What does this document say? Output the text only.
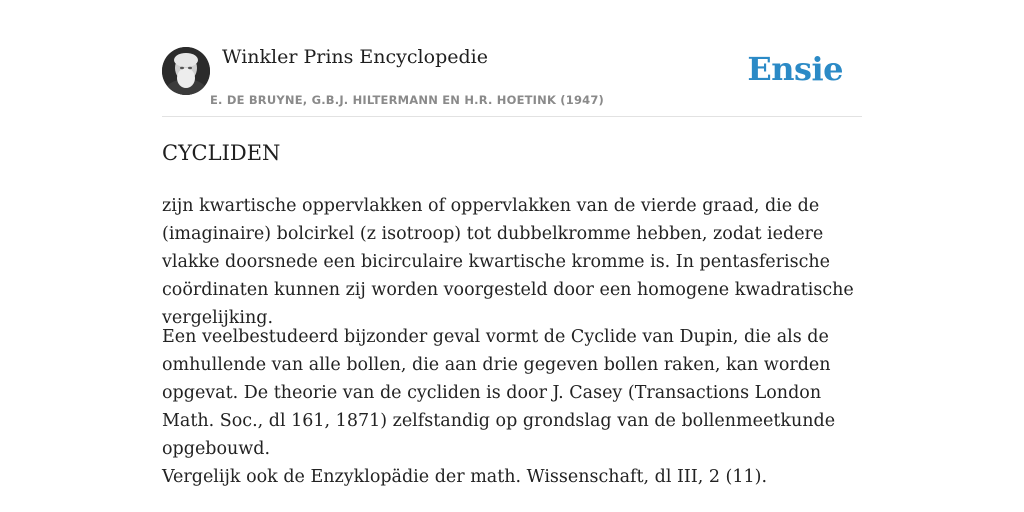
Winkler Prins Encyclopedie
E. DE BRUYNE, G.B.J. HILTERMANN EN H.R. HOETINK (1947)
Ensie
CYCLIDEN

zijn kwartische oppervlakken of oppervlakken van de vierde graad, die de (imaginaire) bolcirkel (z isotroop) tot dubbelkromme hebben, zodat iedere vlakke doorsnede een bicirculaire kwartische kromme is. In pentasferische coördinaten kunnen zij worden voorgesteld door een homogene kwadratische vergelijking.

Een veelbestudeerd bijzonder geval vormt de Cyclide van Dupin, die als de omhullende van alle bollen, die aan drie gegeven bollen raken, kan worden opgevat. De theorie van de cycliden is door J. Casey (Transactions London Math. Soc., dl 161, 1871) zelfstandig op grondslag van de bollenmeetkunde opgebouwd.

Vergelijk ook de Enzyklopädie der math. Wissenschaft, dl III, 2 (11).
